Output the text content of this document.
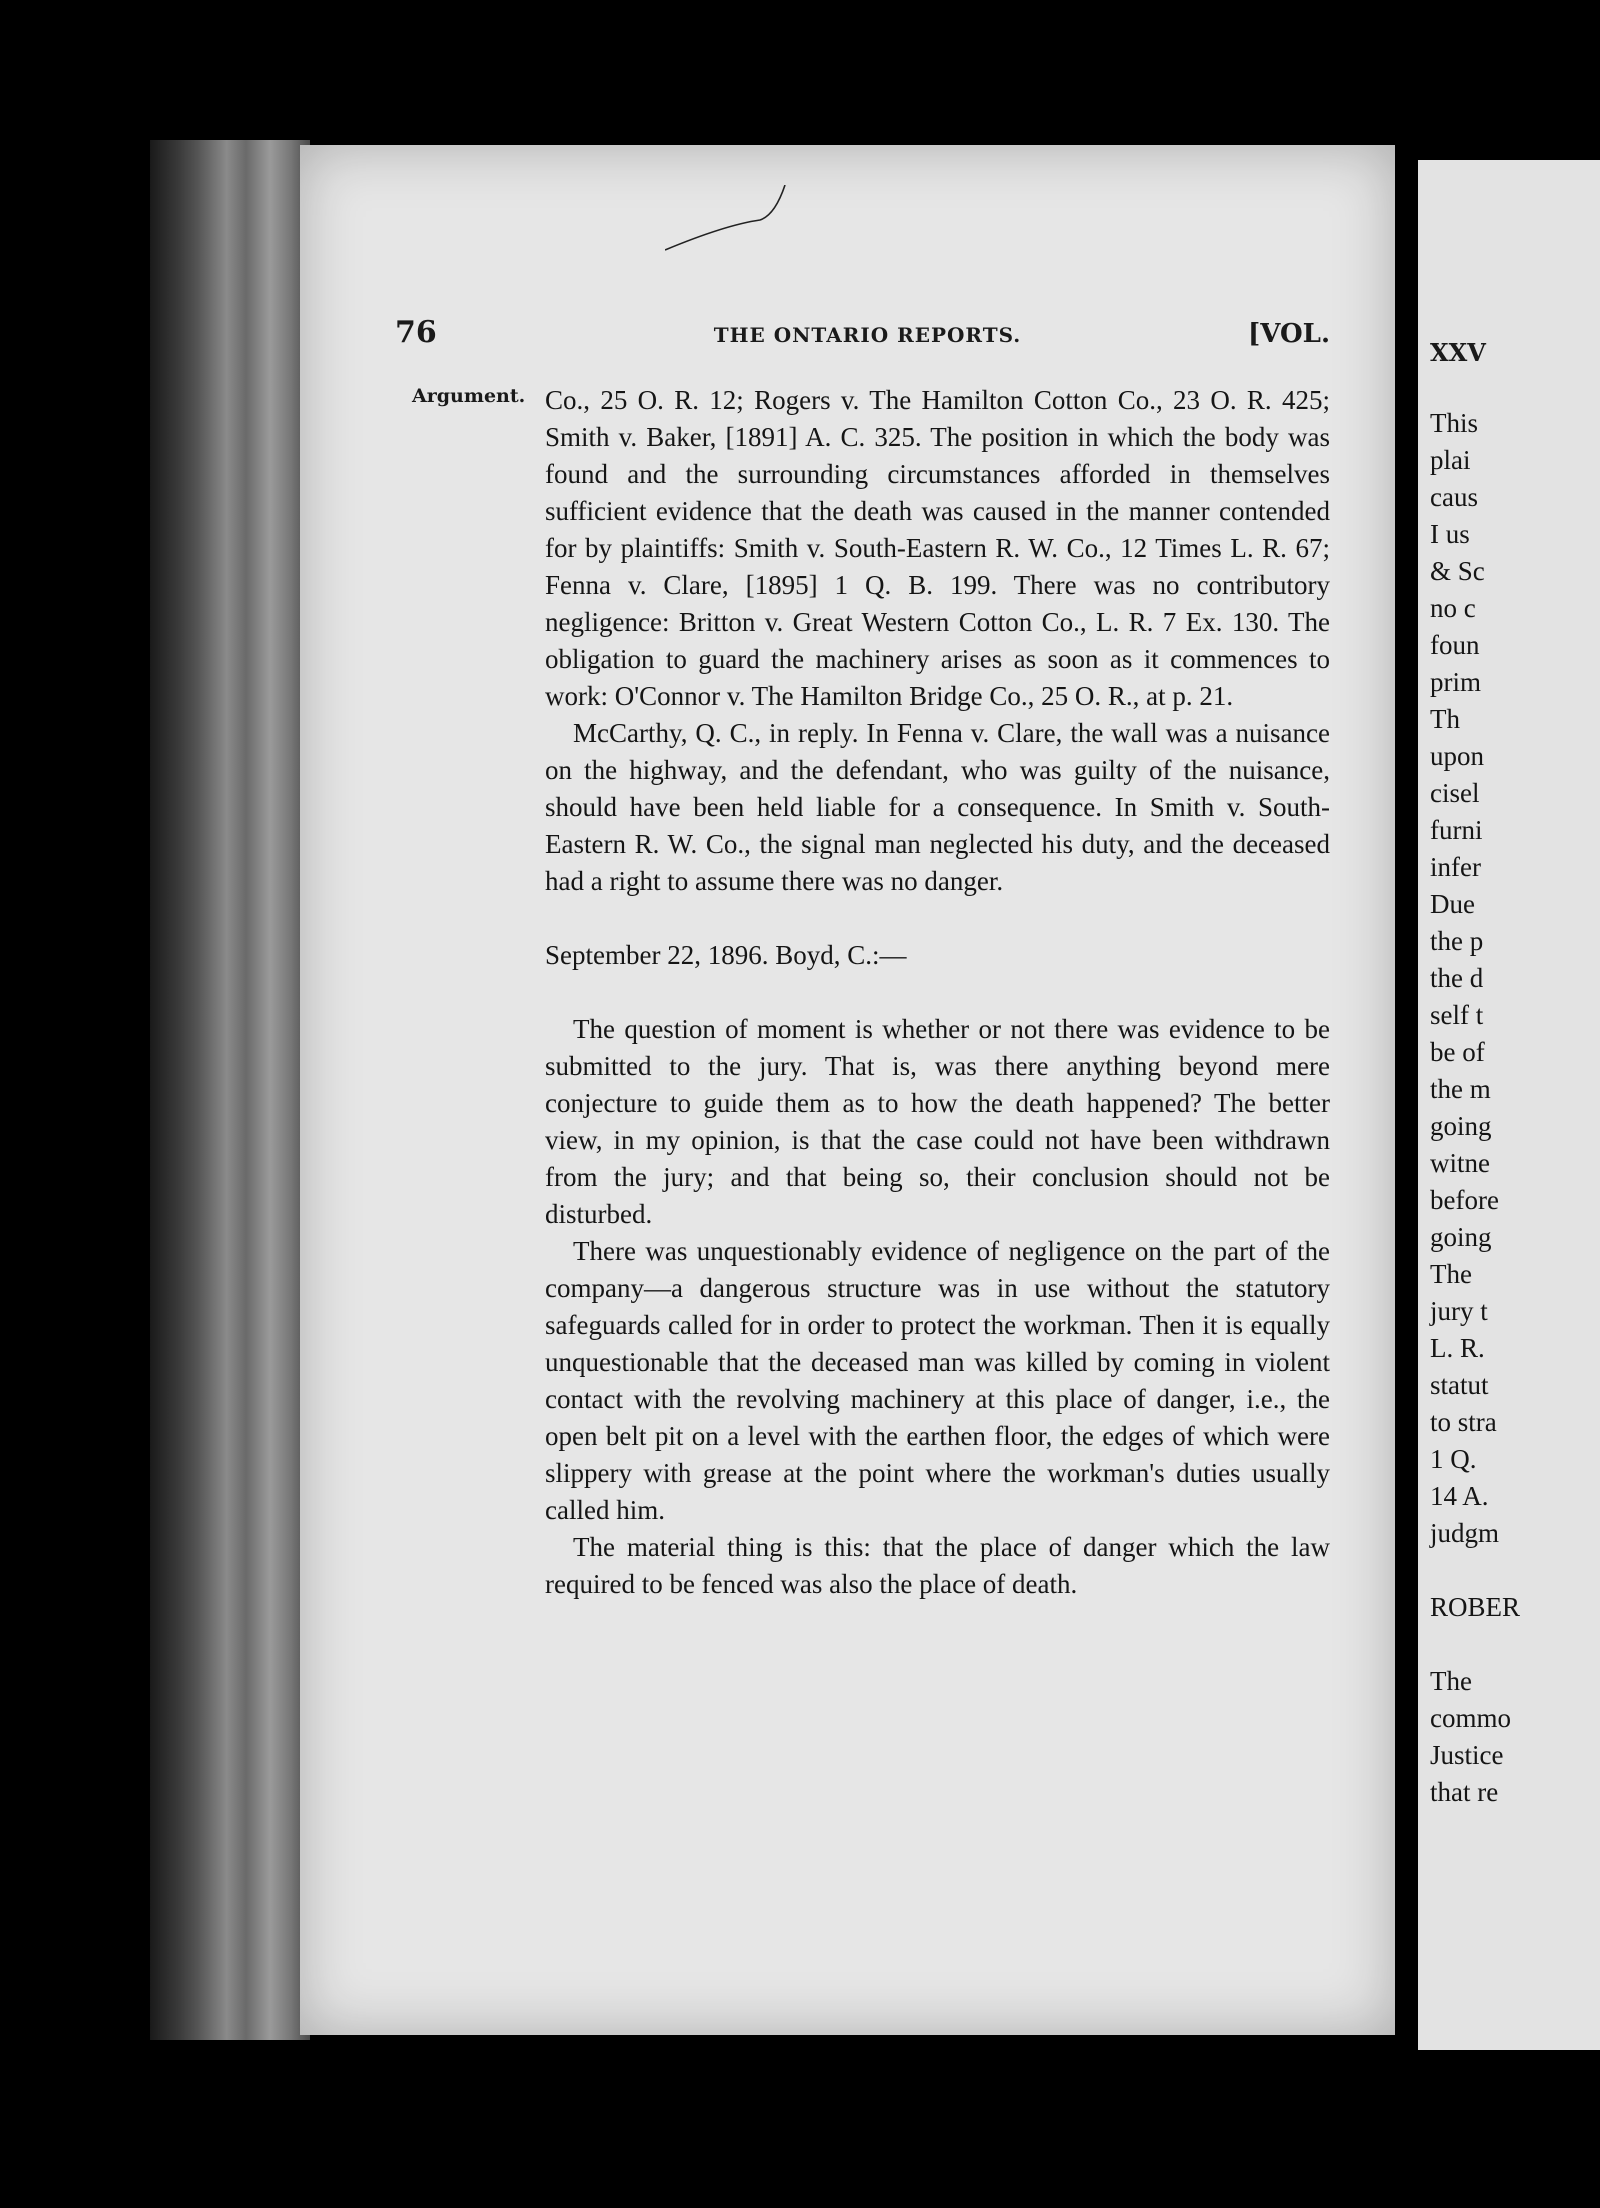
76	THE ONTARIO REPORTS.	[VOL.
Argument. Co., 25 O. R. 12; Rogers v. The Hamilton Cotton Co., 23 O. R. 425; Smith v. Baker, [1891] A. C. 325. The position in which the body was found and the surrounding circumstances afforded in themselves sufficient evidence that the death was caused in the manner contended for by plaintiffs: Smith v. South-Eastern R. W. Co., 12 Times L. R. 67; Fenna v. Clare, [1895] 1 Q. B. 199. There was no contributory negligence: Britton v. Great Western Cotton Co., L. R. 7 Ex. 130. The obligation to guard the machinery arises as soon as it commences to work: O'Connor v. The Hamilton Bridge Co., 25 O. R., at p. 21.

McCarthy, Q. C., in reply. In Fenna v. Clare, the wall was a nuisance on the highway, and the defendant, who was guilty of the nuisance, should have been held liable for a consequence. In Smith v. South-Eastern R. W. Co., the signal man neglected his duty, and the deceased had a right to assume there was no danger.

September 22, 1896. Boyd, C.:—

The question of moment is whether or not there was evidence to be submitted to the jury. That is, was there anything beyond mere conjecture to guide them as to how the death happened? The better view, in my opinion, is that the case could not have been withdrawn from the jury; and that being so, their conclusion should not be disturbed.

There was unquestionably evidence of negligence on the part of the company—a dangerous structure was in use without the statutory safeguards called for in order to protect the workman. Then it is equally unquestionable that the deceased man was killed by coming in violent contact with the revolving machinery at this place of danger, i.e., the open belt pit on a level with the earthen floor, the edges of which were slippery with grease at the point where the workman's duties usually called him.

The material thing is this: that the place of danger which the law required to be fenced was also the place of death.

XXV
This
plai
caus
I us
& Sc
no c
foun
prim
Th
upon
cisel
furni
infer
Due
the p
the d
self t
be of
the m
going
witne
before
going
The
jury t
L. R.
statut
to stra
1 Q.
14 A.
judgm

ROBER

The
commo
Justice
that re
